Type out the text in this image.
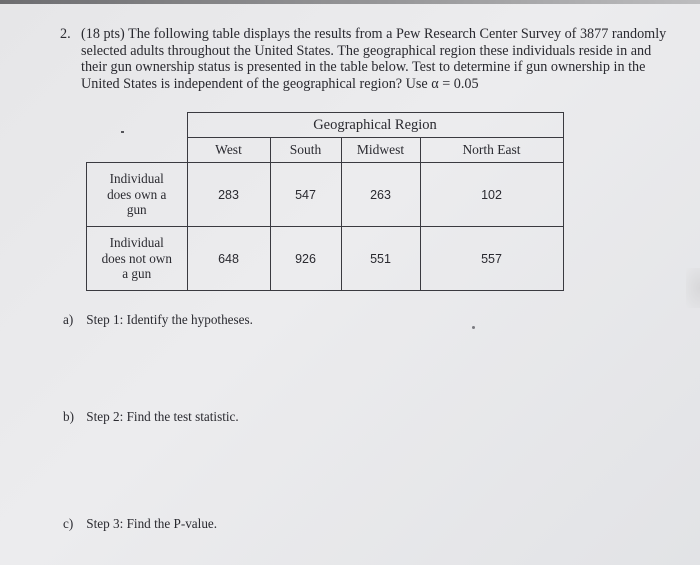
2. (18 pts) The following table displays the results from a Pew Research Center Survey of 3877 randomly
selected adults throughout the United States. The geographical region these individuals reside in and
their gun ownership status is presented in the table below. Test to determine if gun ownership in the
United States is independent of the geographical region? Use α = 0.05
	Geographical Region			
	West	South	Midwest	North East

Individual
does own a
gun	283	547	263	102

Individual
does not own
a gun	648	926	551	557
a) Step 1: Identify the hypotheses.
b) Step 2: Find the test statistic.
c) Step 3: Find the P-value.
